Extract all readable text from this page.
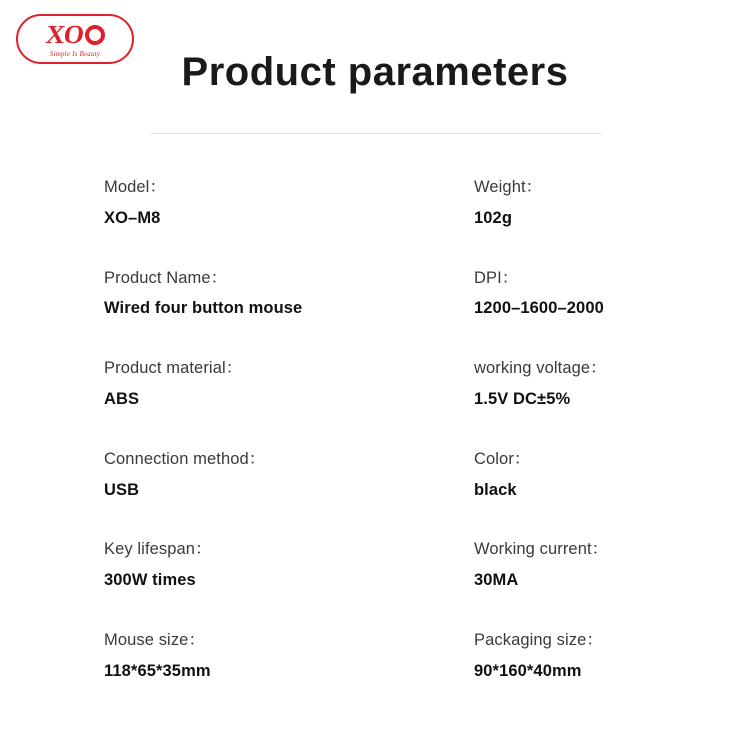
XO
Simple Is Beauty	Product parameters
Model：
XO–M8
Weight：
102g
Product Name：
Wired four button mouse
DPI：
1200–1600–2000
Product material：
ABS
working voltage：
1.5V DC±5%
Connection method：
USB
Color：
black
Key lifespan：
300W times
Working current：
30MA
Mouse size：
118*65*35mm
Packaging size：
90*160*40mm
